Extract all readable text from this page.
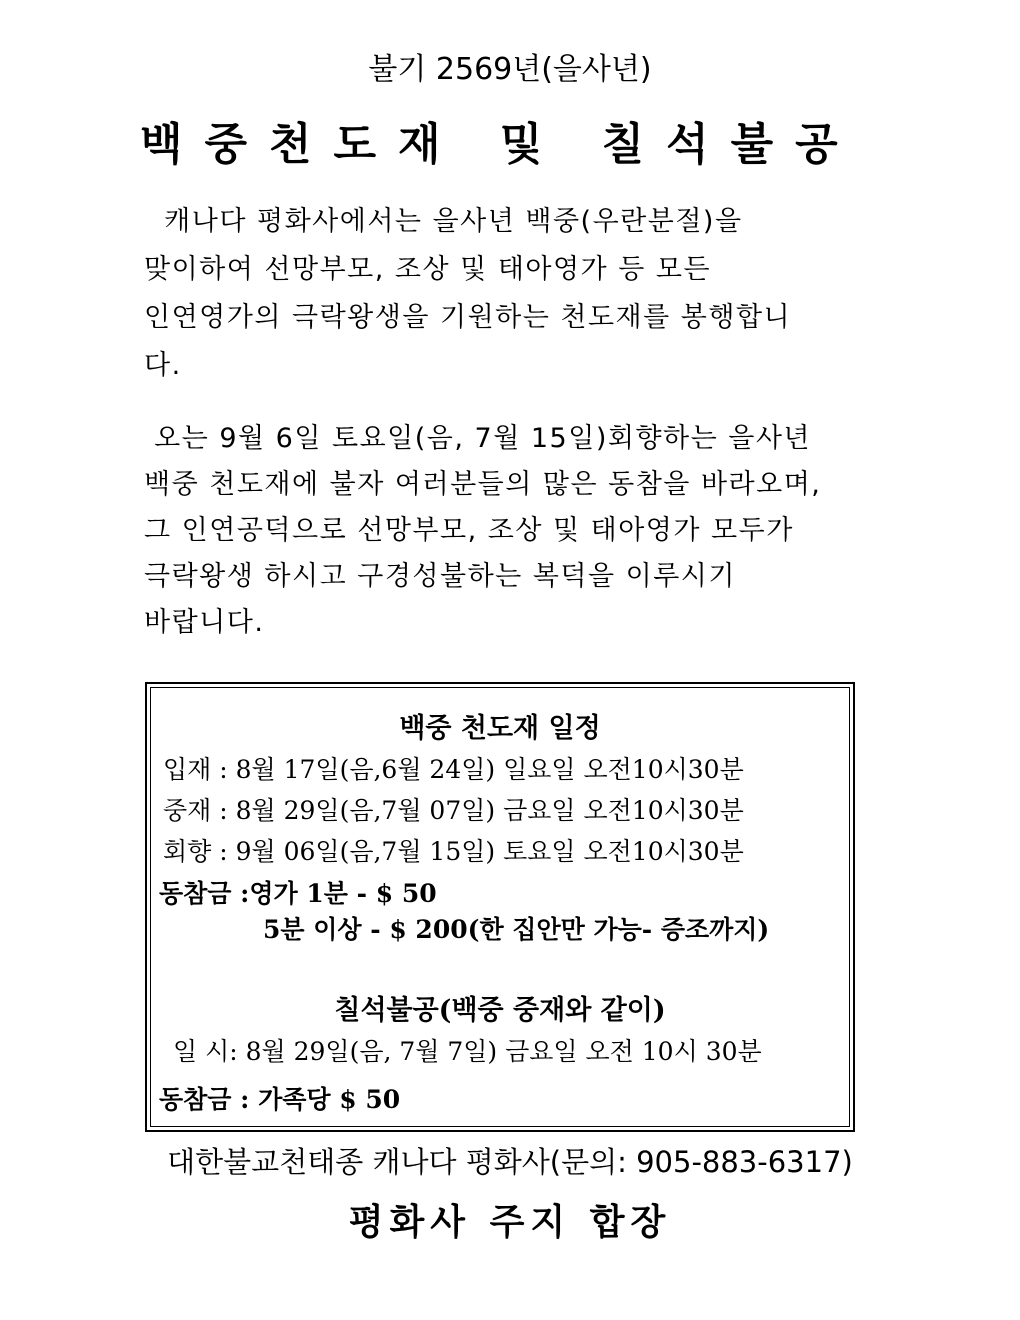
불기 2569년(을사년)
백중천도재 및 칠석불공
캐나다 평화사에서는 을사년 백중(우란분절)을
맞이하여 선망부모, 조상 및 태아영가 등 모든
인연영가의 극락왕생을 기원하는 천도재를 봉행합니
다.
오는 9월 6일 토요일(음, 7월 15일)회향하는 을사년
백중 천도재에 불자 여러분들의 많은 동참을 바라오며,
그 인연공덕으로 선망부모, 조상 및 태아영가 모두가
극락왕생 하시고 구경성불하는 복덕을 이루시기
바랍니다.
백중 천도재 일정
입재 : 8월 17일(음,6월 24일) 일요일 오전10시30분
중재 : 8월 29일(음,7월 07일) 금요일 오전10시30분
회향 : 9월 06일(음,7월 15일) 토요일 오전10시30분
동참금 :영가 1분 - $ 50
5분 이상 - $ 200(한 집안만 가능- 증조까지)
칠석불공(백중 중재와 같이)
일 시: 8월 29일(음, 7월 7일) 금요일 오전 10시 30분
동참금 : 가족당 $ 50
대한불교천태종 캐나다 평화사(문의: 905-883-6317)
평화사 주지 합장
